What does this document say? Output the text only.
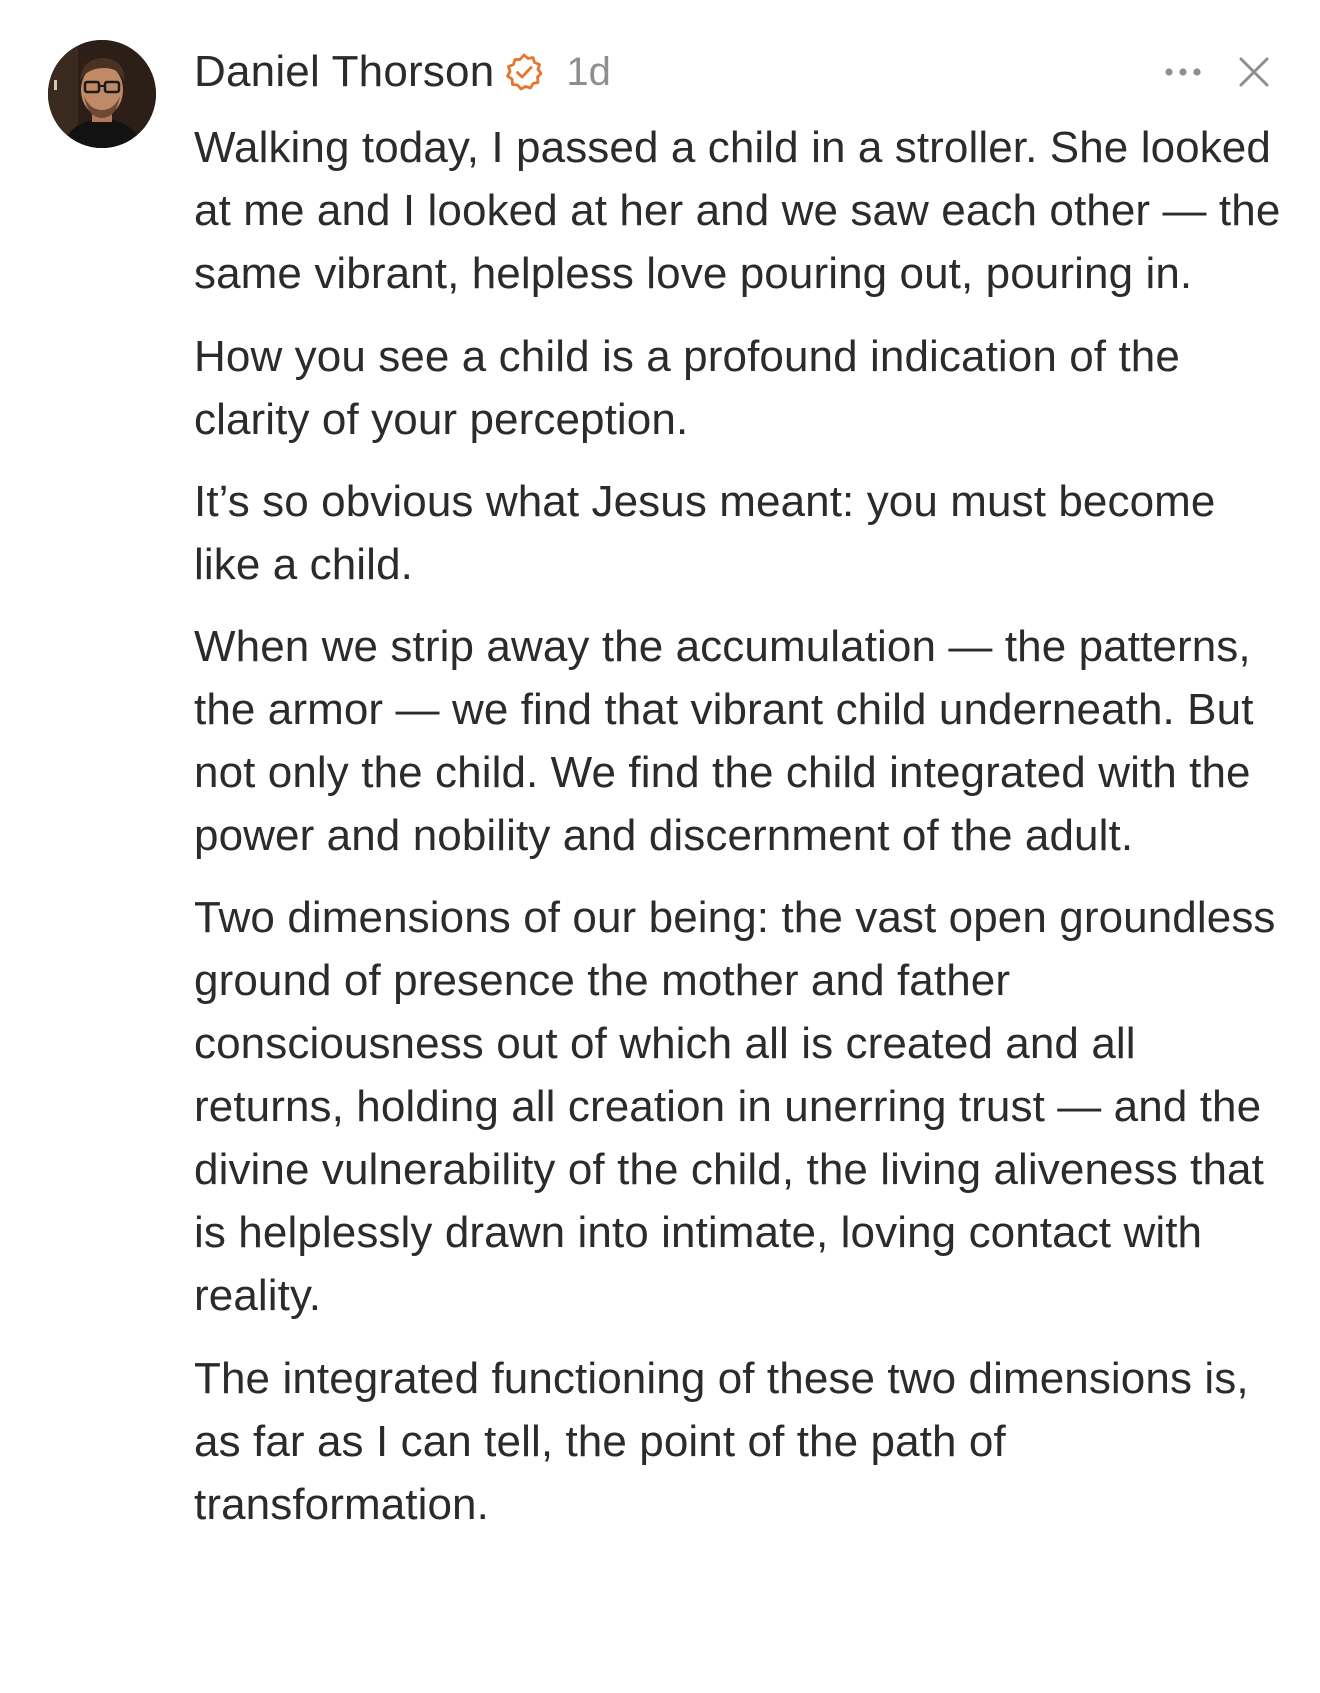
Daniel Thorson 1d

Walking today, I passed a child in a stroller. She looked at me and I looked at her and we saw each other — the same vibrant, helpless love pouring out, pouring in.

How you see a child is a profound indication of the clarity of your perception.

It’s so obvious what Jesus meant: you must become like a child.

When we strip away the accumulation — the patterns, the armor — we find that vibrant child underneath. But not only the child. We find the child integrated with the power and nobility and discernment of the adult.

Two dimensions of our being: the vast open groundless ground of presence the mother and father consciousness out of which all is created and all returns, holding all creation in unerring trust — and the divine vulnerability of the child, the living aliveness that is helplessly drawn into intimate, loving contact with reality.

The integrated functioning of these two dimensions is, as far as I can tell, the point of the path of transformation.
